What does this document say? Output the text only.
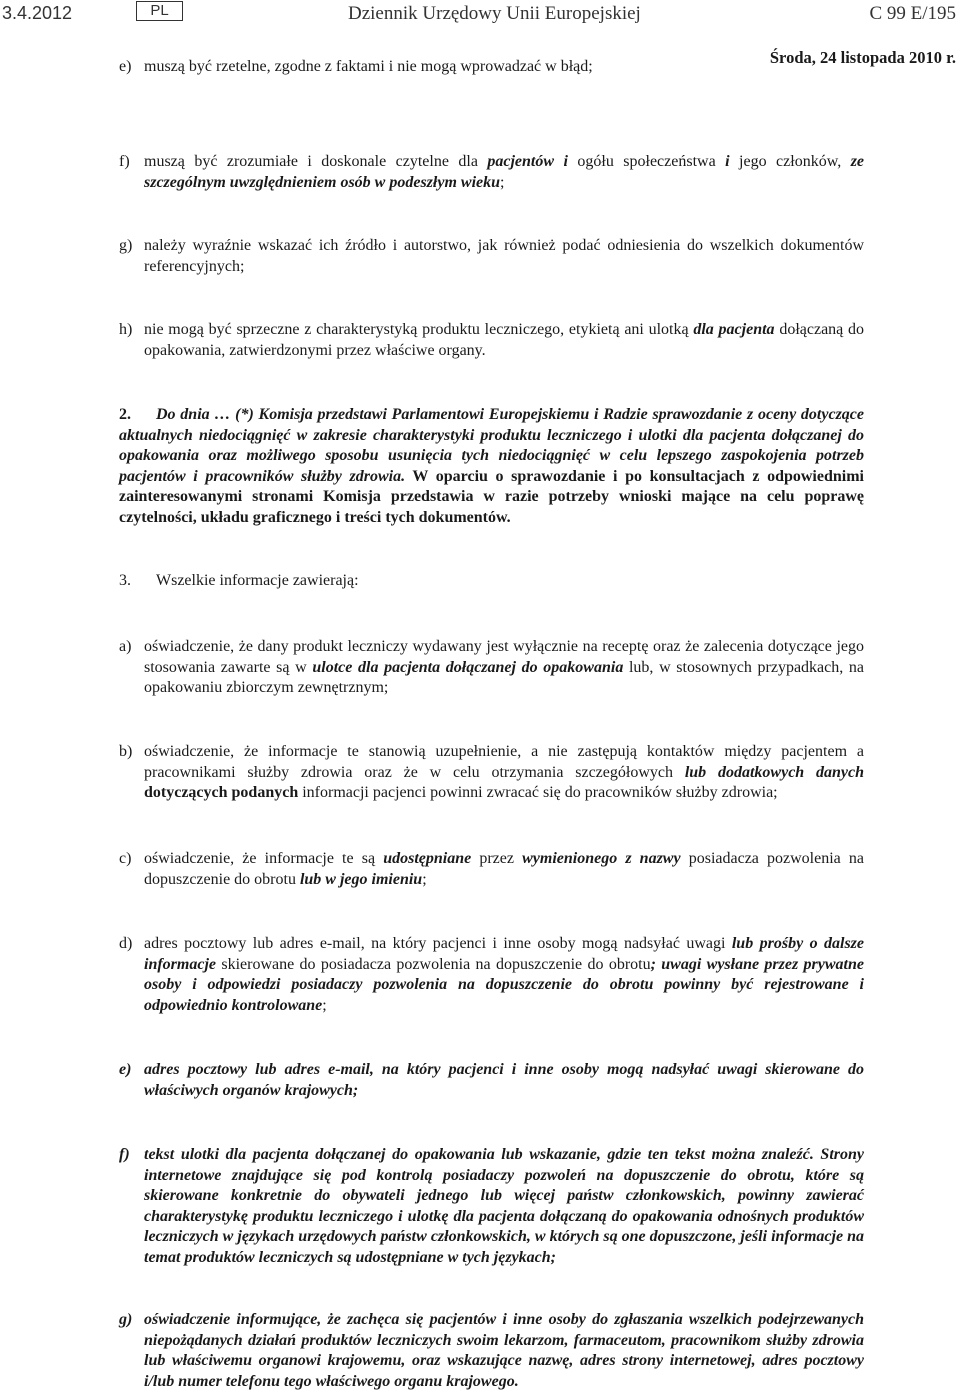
3.4.2012	PL	Dziennik Urzędowy Unii Europejskiej	C 99 E/195
Środa, 24 listopada 2010 r.
e) muszą być rzetelne, zgodne z faktami i nie mogą wprowadzać w błąd;
f) muszą być zrozumiałe i doskonale czytelne dla pacjentów i ogółu społeczeństwa i jego członków, ze szczególnym uwzględnieniem osób w podeszłym wieku;
g) należy wyraźnie wskazać ich źródło i autorstwo, jak również podać odniesienia do wszelkich dokumentów referencyjnych;
h) nie mogą być sprzeczne z charakterystyką produktu leczniczego, etykietą ani ulotką dla pacjenta dołączaną do opakowania, zatwierdzonymi przez właściwe organy.
2. Do dnia … (*) Komisja przedstawi Parlamentowi Europejskiemu i Radzie sprawozdanie z oceny dotyczące aktualnych niedociągnięć w zakresie charakterystyki produktu leczniczego i ulotki dla pacjenta dołączanej do opakowania oraz możliwego sposobu usunięcia tych niedociągnięć w celu lepszego zaspokojenia potrzeb pacjentów i pracowników służby zdrowia. W oparciu o sprawozdanie i po konsultacjach z odpowiednimi zainteresowanymi stronami Komisja przedstawia w razie potrzeby wnioski mające na celu poprawę czytelności, układu graficznego i treści tych dokumentów.
3. Wszelkie informacje zawierają:
a) oświadczenie, że dany produkt leczniczy wydawany jest wyłącznie na receptę oraz że zalecenia dotyczące jego stosowania zawarte są w ulotce dla pacjenta dołączanej do opakowania lub, w stosownych przypadkach, na opakowaniu zbiorczym zewnętrznym;
b) oświadczenie, że informacje te stanowią uzupełnienie, a nie zastępują kontaktów między pacjentem a pracownikami służby zdrowia oraz że w celu otrzymania szczegółowych lub dodatkowych danych dotyczących podanych informacji pacjenci powinni zwracać się do pracowników służby zdrowia;
c) oświadczenie, że informacje te są udostępniane przez wymienionego z nazwy posiadacza pozwolenia na dopuszczenie do obrotu lub w jego imieniu;
d) adres pocztowy lub adres e-mail, na który pacjenci i inne osoby mogą nadsyłać uwagi lub prośby o dalsze informacje skierowane do posiadacza pozwolenia na dopuszczenie do obrotu; uwagi wysłane przez prywatne osoby i odpowiedzi posiadaczy pozwolenia na dopuszczenie do obrotu powinny być rejestrowane i odpowiednio kontrolowane;
e) adres pocztowy lub adres e-mail, na który pacjenci i inne osoby mogą nadsyłać uwagi skierowane do właściwych organów krajowych;
f) tekst ulotki dla pacjenta dołączanej do opakowania lub wskazanie, gdzie ten tekst można znaleźć. Strony internetowe znajdujące się pod kontrolą posiadaczy pozwoleń na dopuszczenie do obrotu, które są skierowane konkretnie do obywateli jednego lub więcej państw członkowskich, powinny zawierać charakterystykę produktu leczniczego i ulotkę dla pacjenta dołączaną do opakowania odnośnych produktów leczniczych w językach urzędowych państw członkowskich, w których są one dopuszczone, jeśli informacje na temat produktów leczniczych są udostępniane w tych językach;
g) oświadczenie informujące, że zachęca się pacjentów i inne osoby do zgłaszania wszelkich podejrzewanych niepożądanych działań produktów leczniczych swoim lekarzom, farmaceutom, pracownikom służby zdrowia lub właściwemu organowi krajowemu, oraz wskazujące nazwę, adres strony internetowej, adres pocztowy i/lub numer telefonu tego właściwego organu krajowego.
